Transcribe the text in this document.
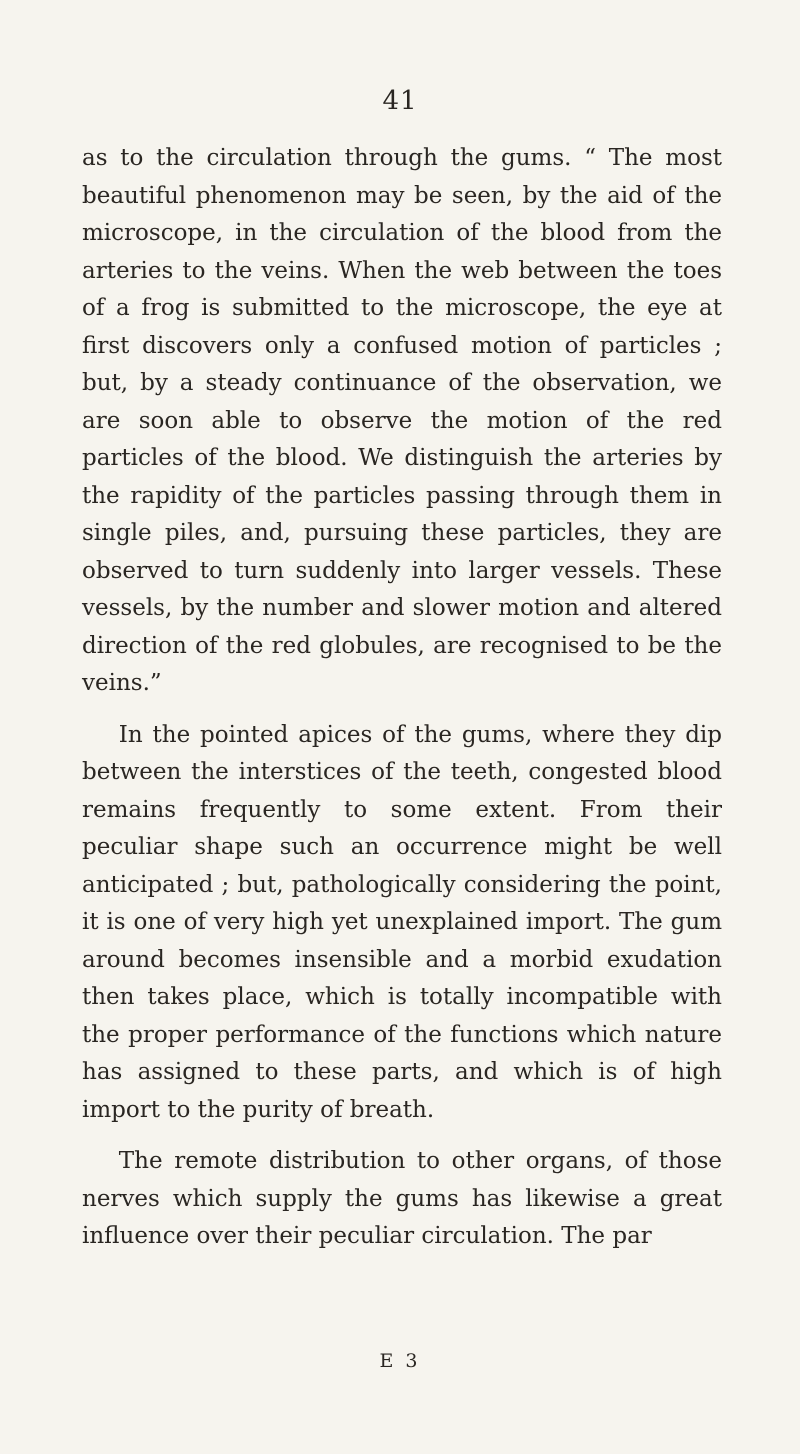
41

as to the circulation through the gums. “ The most beautiful phenomenon may be seen, by the aid of the microscope, in the circulation of the blood from the arteries to the veins. When the web between the toes of a frog is submitted to the microscope, the eye at first discovers only a confused motion of particles ; but, by a steady continuance of the observation, we are soon able to observe the motion of the red particles of the blood. We distinguish the arteries by the rapidity of the particles passing through them in single piles, and, pursuing these particles, they are observed to turn suddenly into larger vessels. These vessels, by the number and slower motion and altered direction of the red globules, are recognised to be the veins.”

In the pointed apices of the gums, where they dip between the interstices of the teeth, congested blood remains frequently to some extent. From their peculiar shape such an occurrence might be well anticipated ; but, pathologically considering the point, it is one of very high yet unexplained import. The gum around becomes insensible and a morbid exudation then takes place, which is totally incompatible with the proper performance of the functions which nature has assigned to these parts, and which is of high import to the purity of breath.

The remote distribution to other organs, of those nerves which supply the gums has likewise a great influence over their peculiar circulation. The par

E 3
